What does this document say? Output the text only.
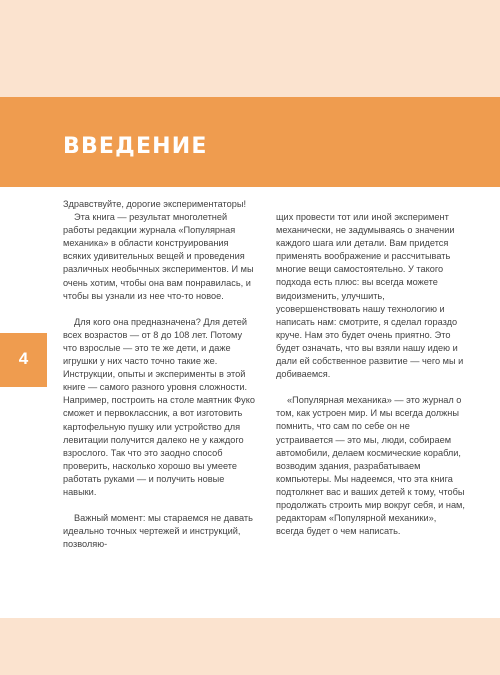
ВВЕДЕНИЕ
4

Здравствуйте, дорогие экспериментаторы!

Эта книга — результат многолетней работы редакции журнала «Популярная механика» в области конструирования всяких удивительных вещей и проведения различных необычных экспериментов. И мы очень хотим, чтобы она вам понравилась, и чтобы вы узнали из нее что-то новое.

Для кого она предназначена? Для детей всех возрастов — от 8 до 108 лет. Потому что взрослые — это те же дети, и даже игрушки у них часто точно такие же. Инструкции, опыты и эксперименты в этой книге — самого разного уровня сложности. Например, построить на столе маятник Фуко сможет и первоклассник, а вот изготовить картофельную пушку или устройство для левитации получится далеко не у каждого взрослого. Так что это заодно способ проверить, насколько хорошо вы умеете работать руками — и получить новые навыки.

Важный момент: мы стараемся не давать идеально точных чертежей и инструкций, позволяю-

щих провести тот или иной эксперимент механически, не задумываясь о значении каждого шага или детали. Вам придется применять воображение и рассчитывать многие вещи самостоятельно. У такого подхода есть плюс: вы всегда можете видоизменить, улучшить, усовершенствовать нашу технологию и написать нам: смотрите, я сделал гораздо круче. Нам это будет очень приятно. Это будет означать, что вы взяли нашу идею и дали ей собственное развитие — чего мы и добиваемся.

«Популярная механика» — это журнал о том, как устроен мир. И мы всегда должны помнить, что сам по себе он не устраивается — это мы, люди, собираем автомобили, делаем космические корабли, возводим здания, разрабатываем компьютеры. Мы надеемся, что эта книга подтолкнет вас и ваших детей к тому, чтобы продолжать строить мир вокруг себя, и нам, редакторам «Популярной механики», всегда будет о чем написать.
